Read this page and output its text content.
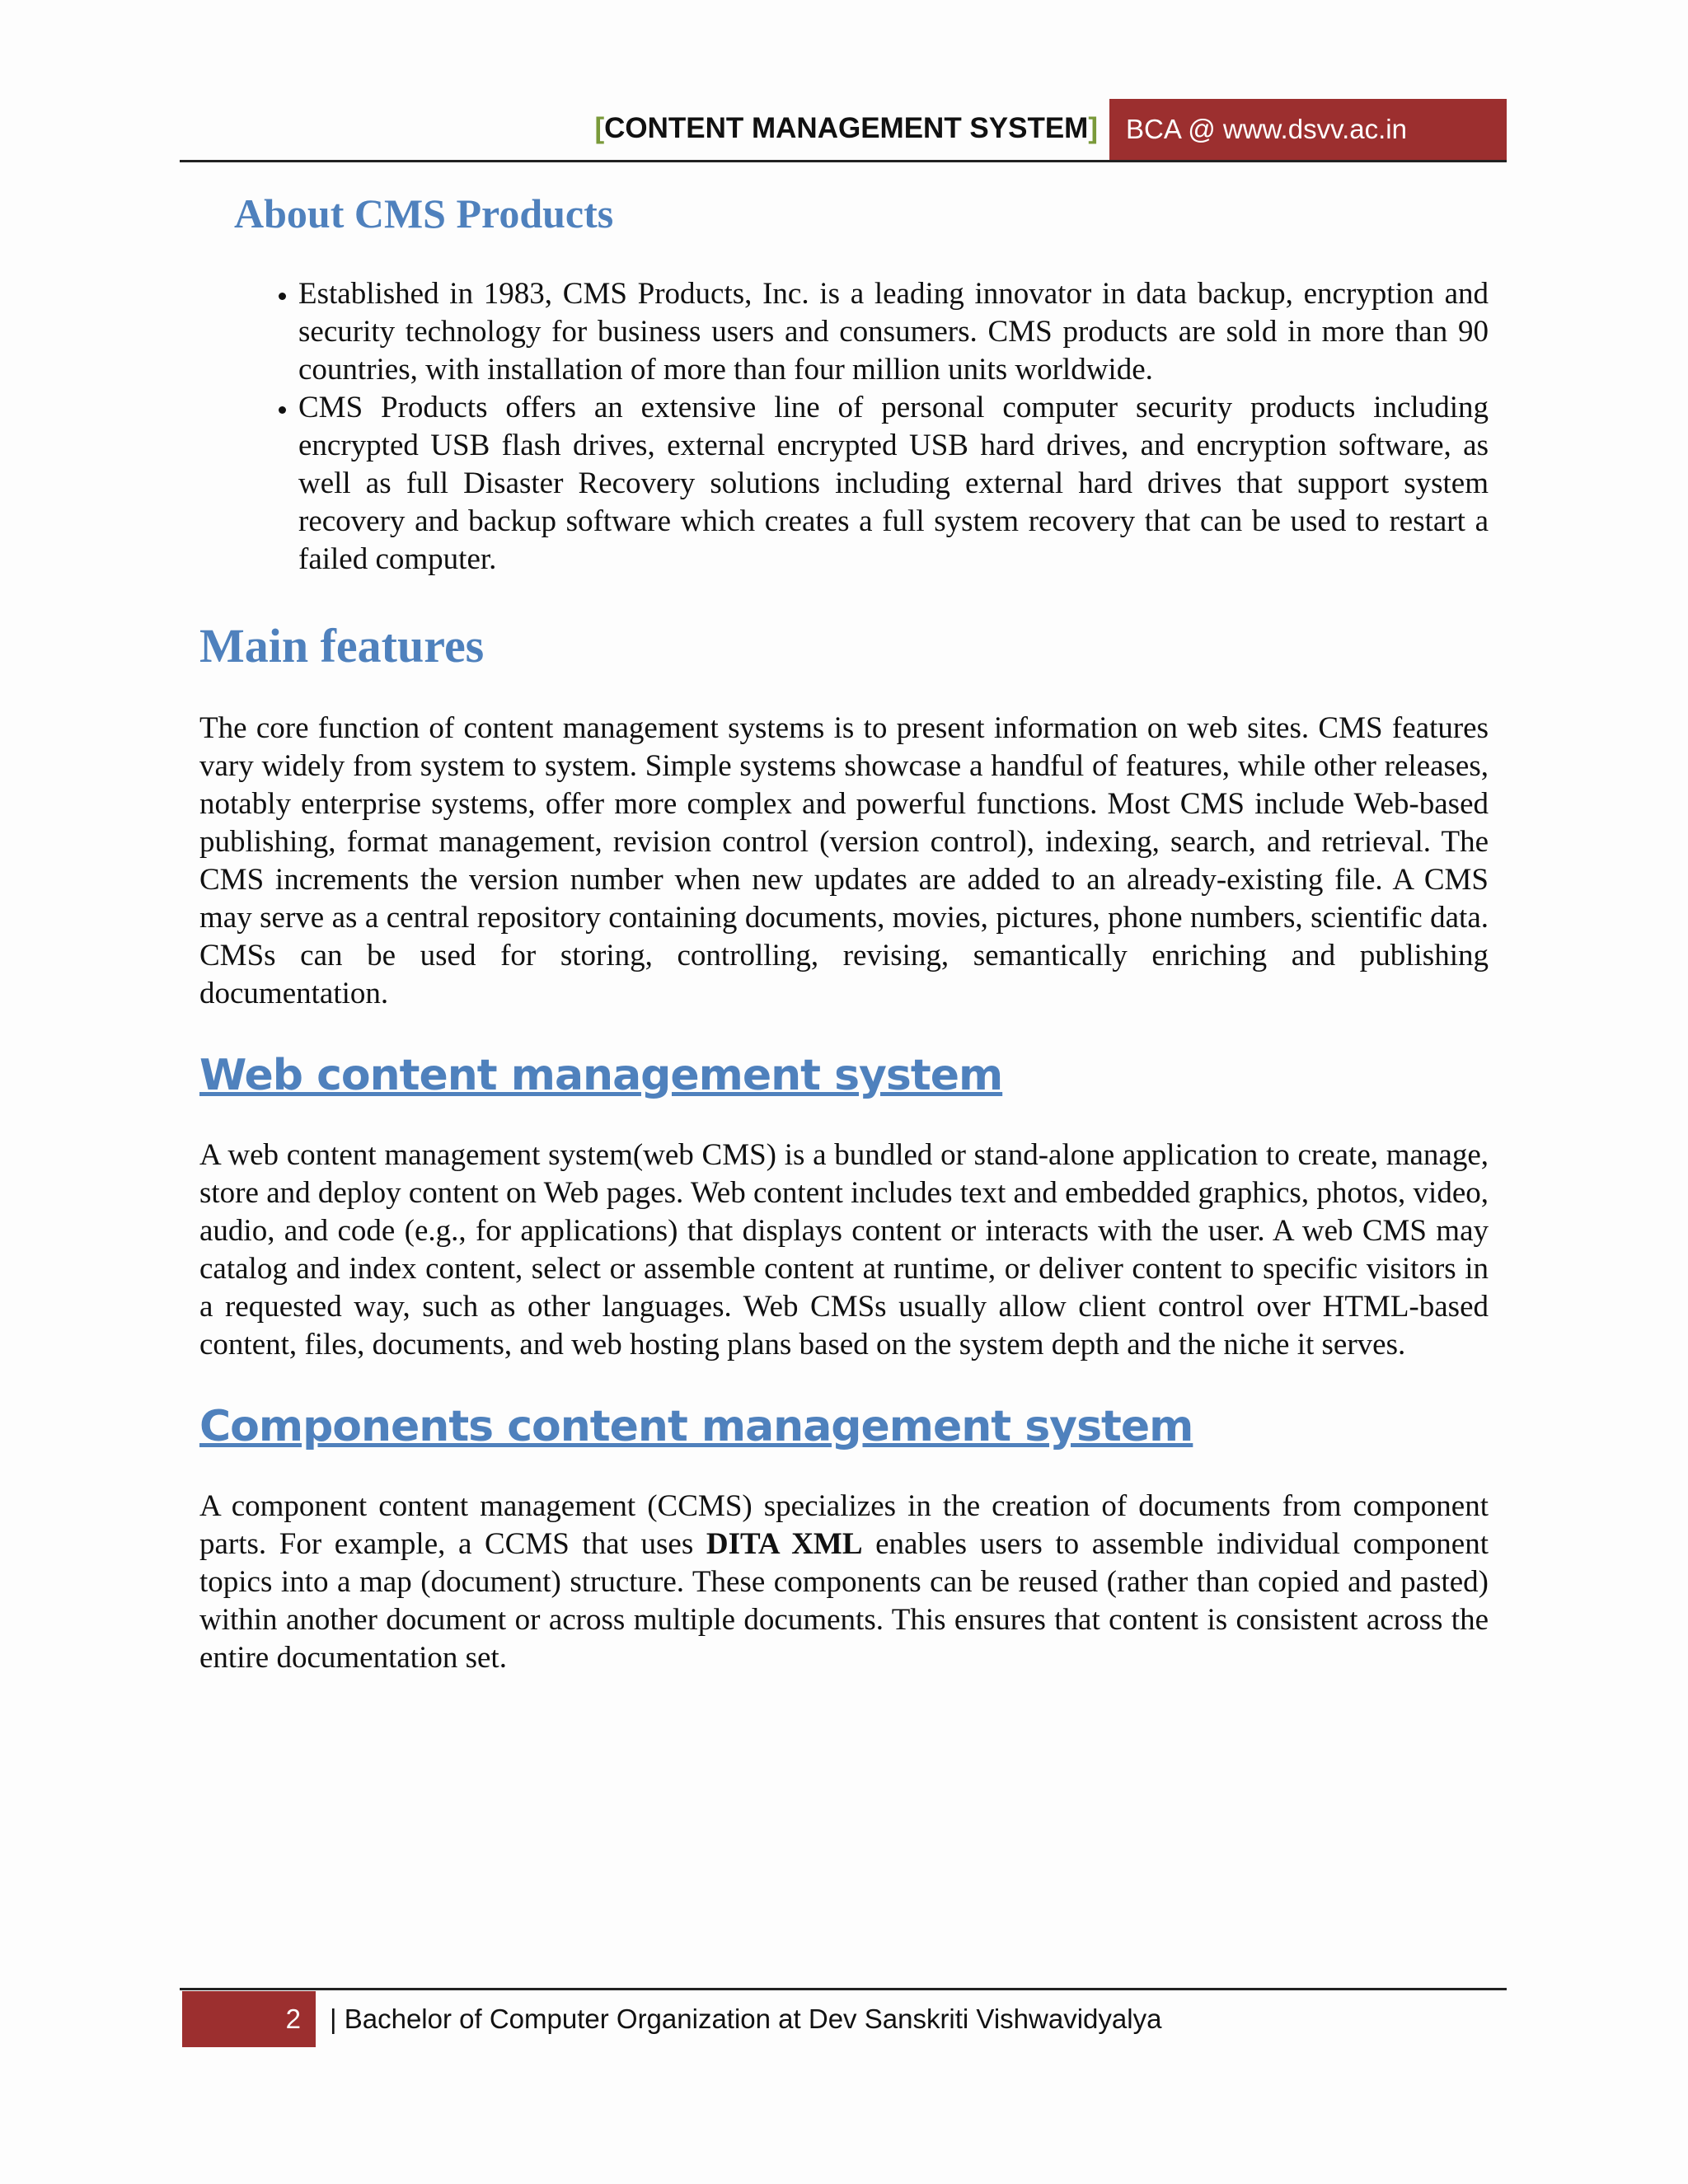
[CONTENT MANAGEMENT SYSTEM]	BCA @ www.dsvv.ac.in
About CMS Products
• Established in 1983, CMS Products, Inc. is a leading innovator in data backup, encryption and security technology for business users and consumers. CMS products are sold in more than 90 countries, with installation of more than four million units worldwide.
• CMS Products offers an extensive line of personal computer security products including encrypted USB flash drives, external encrypted USB hard drives, and encryption software, as well as full Disaster Recovery solutions including external hard drives that support system recovery and backup software which creates a full system recovery that can be used to restart a failed computer.
Main features

The core function of content management systems is to present information on web sites. CMS features vary widely from system to system. Simple systems showcase a handful of features, while other releases, notably enterprise systems, offer more complex and powerful functions. Most CMS include Web-based publishing, format management, revision control (version control), indexing, search, and retrieval. The CMS increments the version number when new updates are added to an already-existing file. A CMS may serve as a central repository containing documents, movies, pictures, phone numbers, scientific data. CMSs can be used for storing, controlling, revising, semantically enriching and publishing documentation.

Web content management system

A web content management system(web CMS) is a bundled or stand-alone application to create, manage, store and deploy content on Web pages. Web content includes text and embedded graphics, photos, video, audio, and code (e.g., for applications) that displays content or interacts with the user. A web CMS may catalog and index content, select or assemble content at runtime, or deliver content to specific visitors in a requested way, such as other languages. Web CMSs usually allow client control over HTML-based content, files, documents, and web hosting plans based on the system depth and the niche it serves.

Components content management system

A component content management (CCMS) specializes in the creation of documents from component parts. For example, a CCMS that uses DITA XML enables users to assemble individual component topics into a map (document) structure. These components can be reused (rather than copied and pasted) within another document or across multiple documents. This ensures that content is consistent across the entire documentation set.

2	| Bachelor of Computer Organization at Dev Sanskriti Vishwavidyalya
